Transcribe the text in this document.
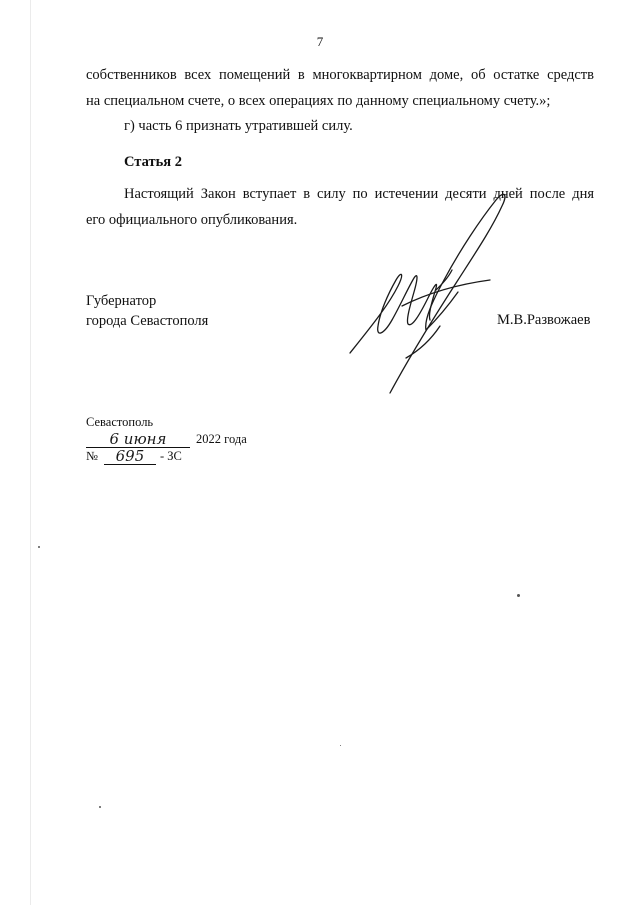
7
собственников всех помещений в многоквартирном доме, об остатке средств
на специальном счете, о всех операциях по данному специальному счету.»;
г) часть 6 признать утратившей силу.
Статья 2
Настоящий Закон вступает в силу по истечении десяти дней после дня
его официального опубликования.
Губернатор
города Севастополя	М.В.Развожаев
Севастополь
6 июня	2022 года
№	695	- ЗС
